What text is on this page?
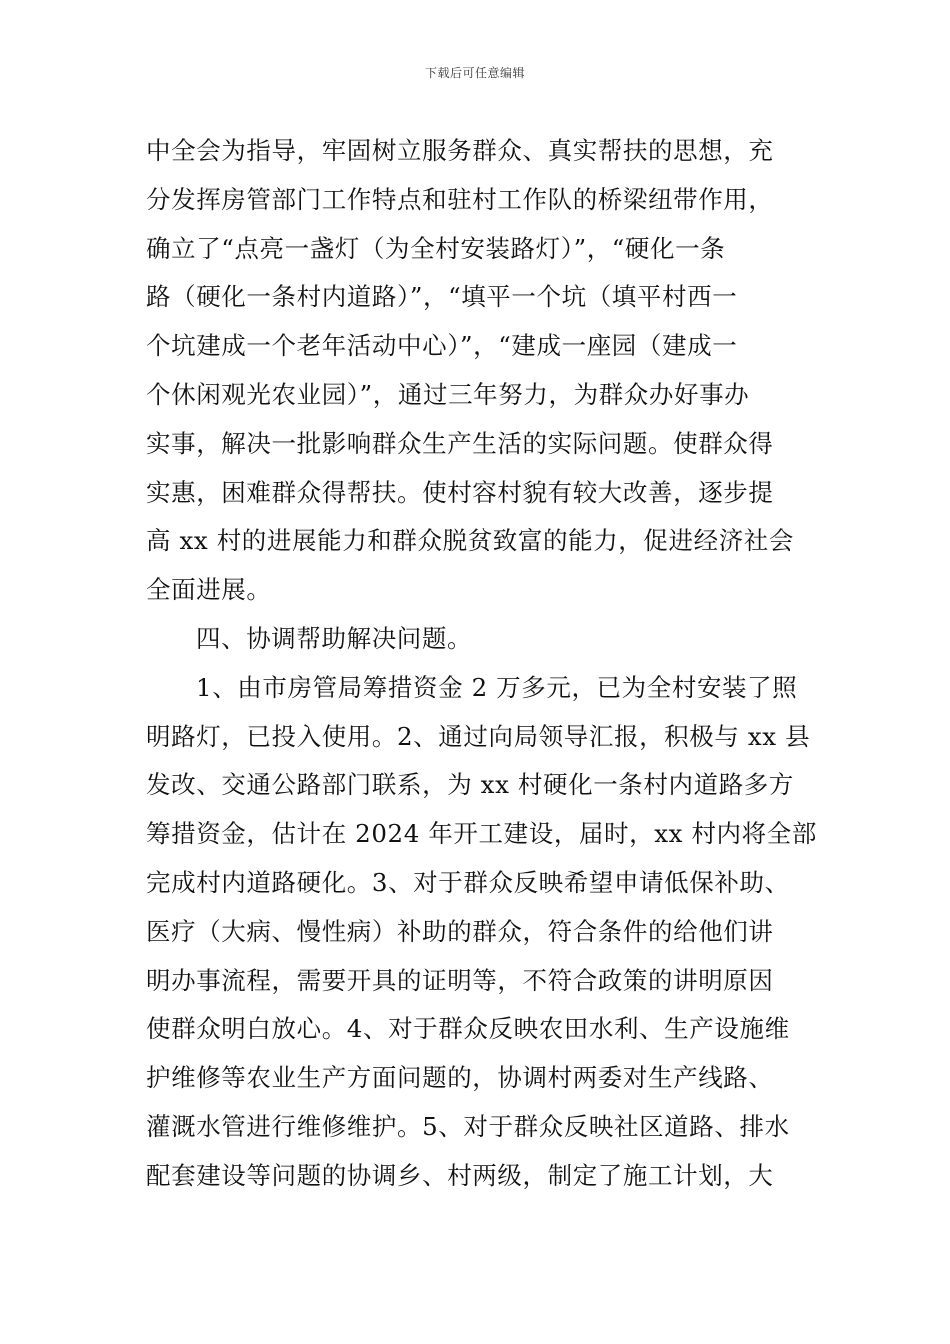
下载后可任意编辑
中全会为指导，牢固树立服务群众、真实帮扶的思想，充
分发挥房管部门工作特点和驻村工作队的桥梁纽带作用，
确立了“点亮一盏灯（为全村安装路灯）”，“硬化一条
路（硬化一条村内道路）”，“填平一个坑（填平村西一
个坑建成一个老年活动中心）”，“建成一座园（建成一
个休闲观光农业园）”，通过三年努力，为群众办好事办
实事，解决一批影响群众生产生活的实际问题。使群众得
实惠，困难群众得帮扶。使村容村貌有较大改善，逐步提
高 xx 村的进展能力和群众脱贫致富的能力，促进经济社会
全面进展。
四、协调帮助解决问题。
1、由市房管局筹措资金 2 万多元，已为全村安装了照
明路灯，已投入使用。2、通过向局领导汇报，积极与 xx 县
发改、交通公路部门联系，为 xx 村硬化一条村内道路多方
筹措资金，估计在 2024 年开工建设，届时，xx 村内将全部
完成村内道路硬化。3、对于群众反映希望申请低保补助、
医疗（大病、慢性病）补助的群众，符合条件的给他们讲
明办事流程，需要开具的证明等，不符合政策的讲明原因
使群众明白放心。4、对于群众反映农田水利、生产设施维
护维修等农业生产方面问题的，协调村两委对生产线路、
灌溉水管进行维修维护。5、对于群众反映社区道路、排水
配套建设等问题的协调乡、村两级，制定了施工计划，大
